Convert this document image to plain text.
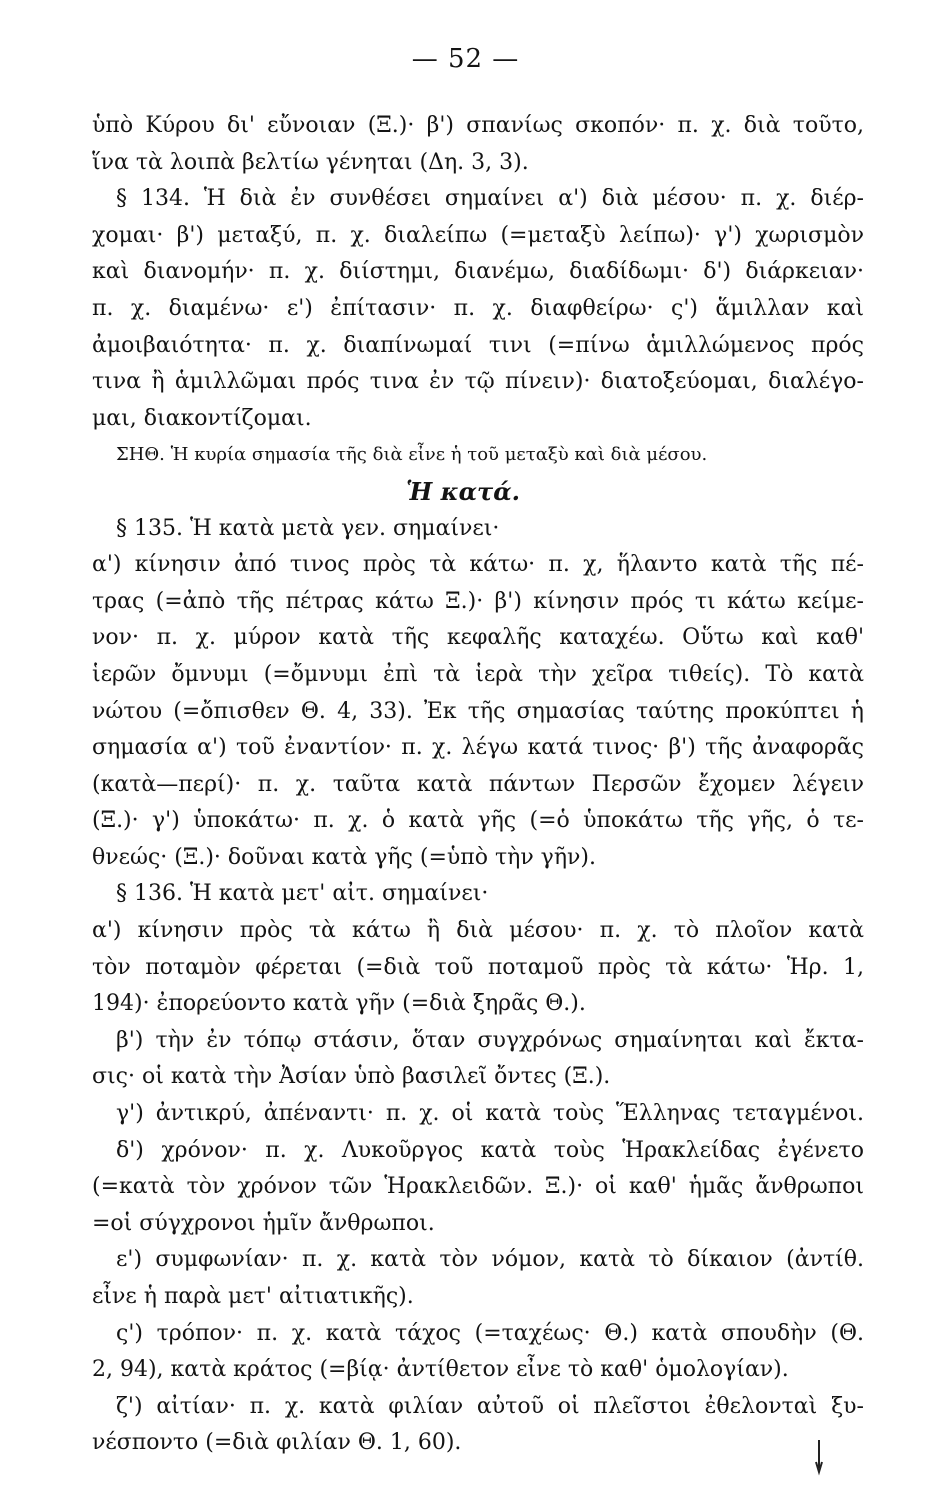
— 52 —
ὑπὸ Κύρου δι' εὔνοιαν (Ξ.)· β') σπανίως σκοπόν· π. χ. διὰ τοῦτο,
ἵνα τὰ λοιπὰ βελτίω γένηται (Δη. 3, 3).
§ 134. Ἡ διὰ ἐν συνθέσει σημαίνει α') διὰ μέσου· π. χ. διέρ-
χομαι· β') μεταξύ, π. χ. διαλείπω (=μεταξὺ λείπω)· γ') χωρισμὸν
καὶ διανομήν· π. χ. διίστημι, διανέμω, διαδίδωμι· δ') διάρκειαν·
π. χ. διαμένω· ε') ἐπίτασιν· π. χ. διαφθείρω· ς') ἅμιλλαν καὶ
ἀμοιβαιότητα· π. χ. διαπίνωμαί τινι (=πίνω ἁμιλλώμενος πρός
τινα ἢ ἁμιλλῶμαι πρός τινα ἐν τῷ πίνειν)· διατοξεύομαι, διαλέγο-
μαι, διακοντίζομαι.
ΣΗΘ. Ἡ κυρία σημασία τῆς διὰ εἶνε ἡ τοῦ μεταξὺ καὶ διὰ μέσου.
Ἡ κατά.
§ 135. Ἡ κατὰ μετὰ γεν. σημαίνει·
α') κίνησιν ἀπό τινος πρὸς τὰ κάτω· π. χ, ἥλαντο κατὰ τῆς πέ-
τρας (=ἀπὸ τῆς πέτρας κάτω Ξ.)· β') κίνησιν πρός τι κάτω κείμε-
νον· π. χ. μύρον κατὰ τῆς κεφαλῆς καταχέω. Οὕτω καὶ καθ'
ἱερῶν ὄμνυμι (=ὄμνυμι ἐπὶ τὰ ἱερὰ τὴν χεῖρα τιθείς). Τὸ κατὰ
νώτου (=ὄπισθεν Θ. 4, 33). Ἐκ τῆς σημασίας ταύτης προκύπτει ἡ
σημασία α') τοῦ ἐναντίον· π. χ. λέγω κατά τινος· β') τῆς ἀναφορᾶς
(κατὰ—περί)· π. χ. ταῦτα κατὰ πάντων Περσῶν ἔχομεν λέγειν
(Ξ.)· γ') ὑποκάτω· π. χ. ὁ κατὰ γῆς (=ὁ ὑποκάτω τῆς γῆς, ὁ τε-
θνεώς· (Ξ.)· δοῦναι κατὰ γῆς (=ὑπὸ τὴν γῆν).
§ 136. Ἡ κατὰ μετ' αἰτ. σημαίνει·
α') κίνησιν πρὸς τὰ κάτω ἢ διὰ μέσου· π. χ. τὸ πλοῖον κατὰ
τὸν ποταμὸν φέρεται (=διὰ τοῦ ποταμοῦ πρὸς τὰ κάτω· Ἡρ. 1,
194)· ἐπορεύοντο κατὰ γῆν (=διὰ ξηρᾶς Θ.).
β') τὴν ἐν τόπῳ στάσιν, ὅταν συγχρόνως σημαίνηται καὶ ἔκτα-
σις· οἱ κατὰ τὴν Ἀσίαν ὑπὸ βασιλεῖ ὄντες (Ξ.).
γ') ἀντικρύ, ἀπέναντι· π. χ. οἱ κατὰ τοὺς Ἕλληνας τεταγμένοι.
δ') χρόνον· π. χ. Λυκοῦργος κατὰ τοὺς Ἡρακλείδας ἐγένετο
(=κατὰ τὸν χρόνον τῶν Ἡρακλειδῶν. Ξ.)· οἱ καθ' ἡμᾶς ἄνθρωποι
=οἱ σύγχρονοι ἡμῖν ἄνθρωποι.
ε') συμφωνίαν· π. χ. κατὰ τὸν νόμον, κατὰ τὸ δίκαιον (ἀντίθ.
εἶνε ἡ παρὰ μετ' αἰτιατικῆς).
ς') τρόπον· π. χ. κατὰ τάχος (=ταχέως· Θ.) κατὰ σπουδὴν (Θ.
2, 94), κατὰ κράτος (=βίᾳ· ἀντίθετον εἶνε τὸ καθ' ὁμολογίαν).
ζ') αἰτίαν· π. χ. κατὰ φιλίαν αὐτοῦ οἱ πλεῖστοι ἐθελονταὶ ξυ-
νέσποντο (=διὰ φιλίαν Θ. 1, 60).
